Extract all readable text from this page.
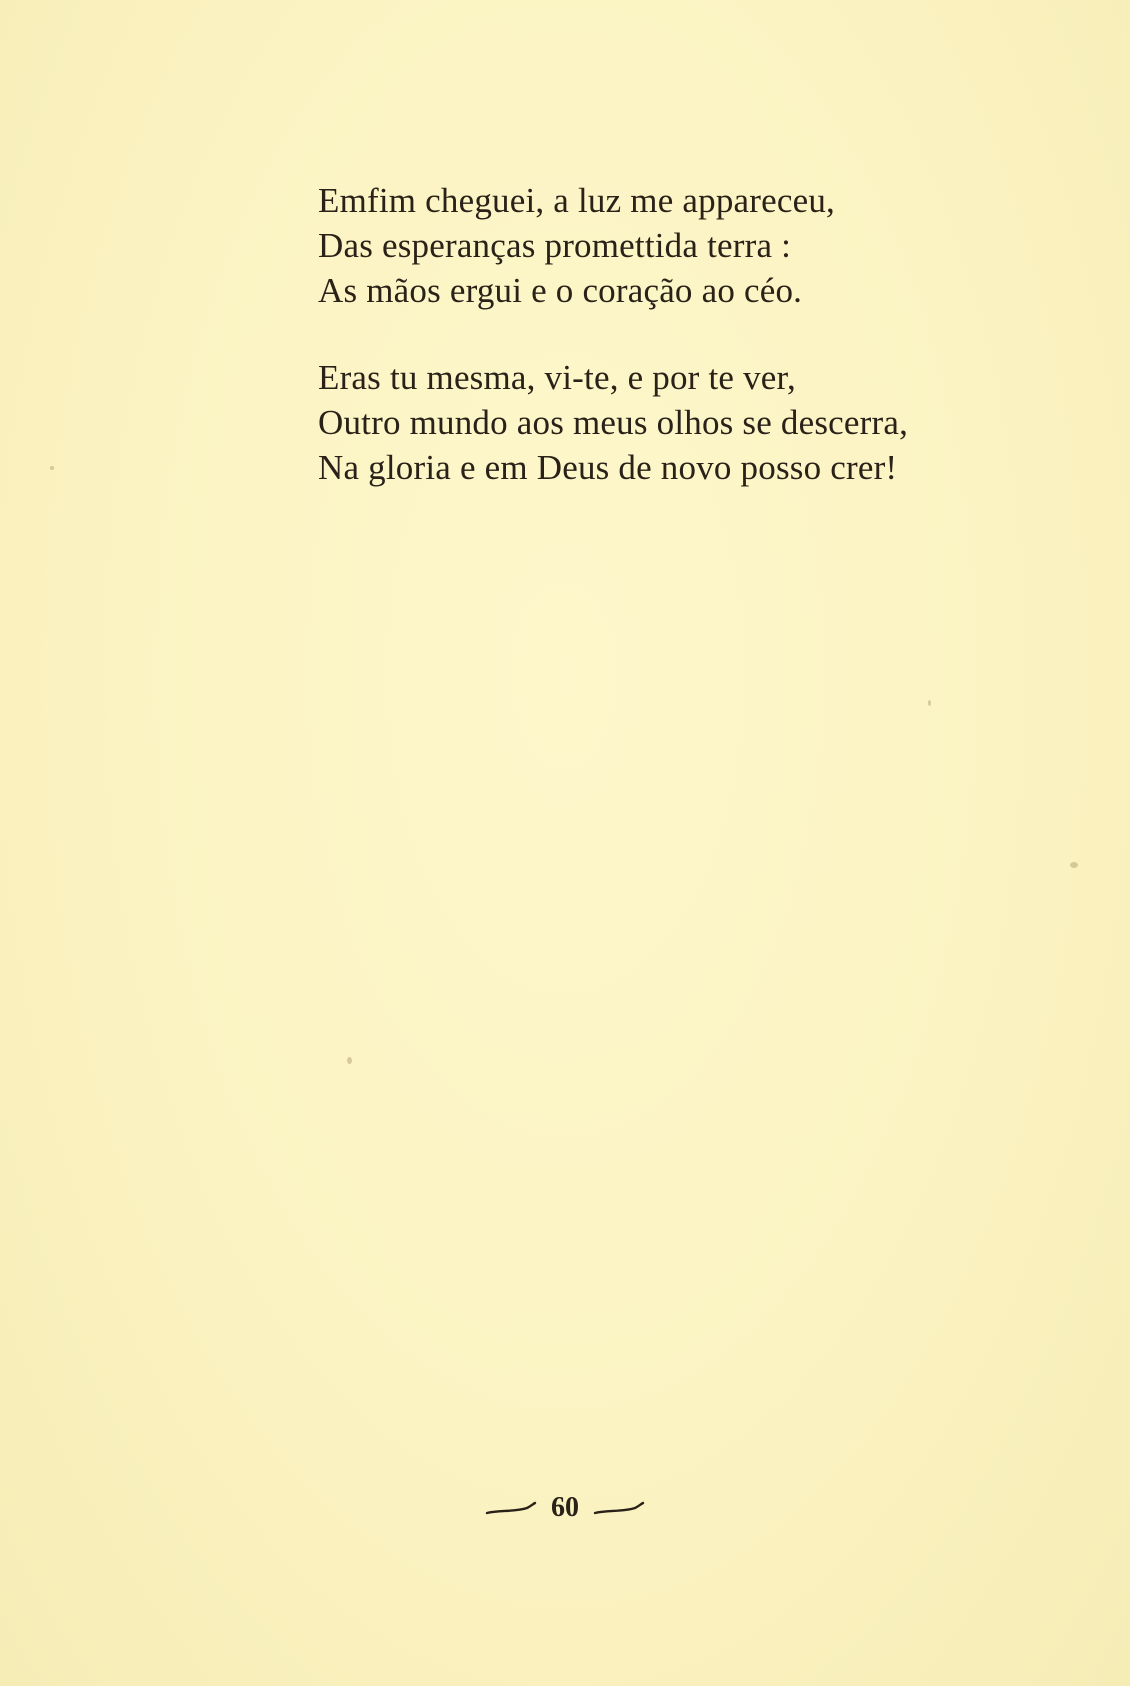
Emfim cheguei, a luz me appareceu,
Das esperanças promettida terra :
As mãos ergui e o coração ao céo.
Eras tu mesma, vi-te, e por te ver,
Outro mundo aos meus olhos se descerra,
Na gloria e em Deus de novo posso crer!
60
